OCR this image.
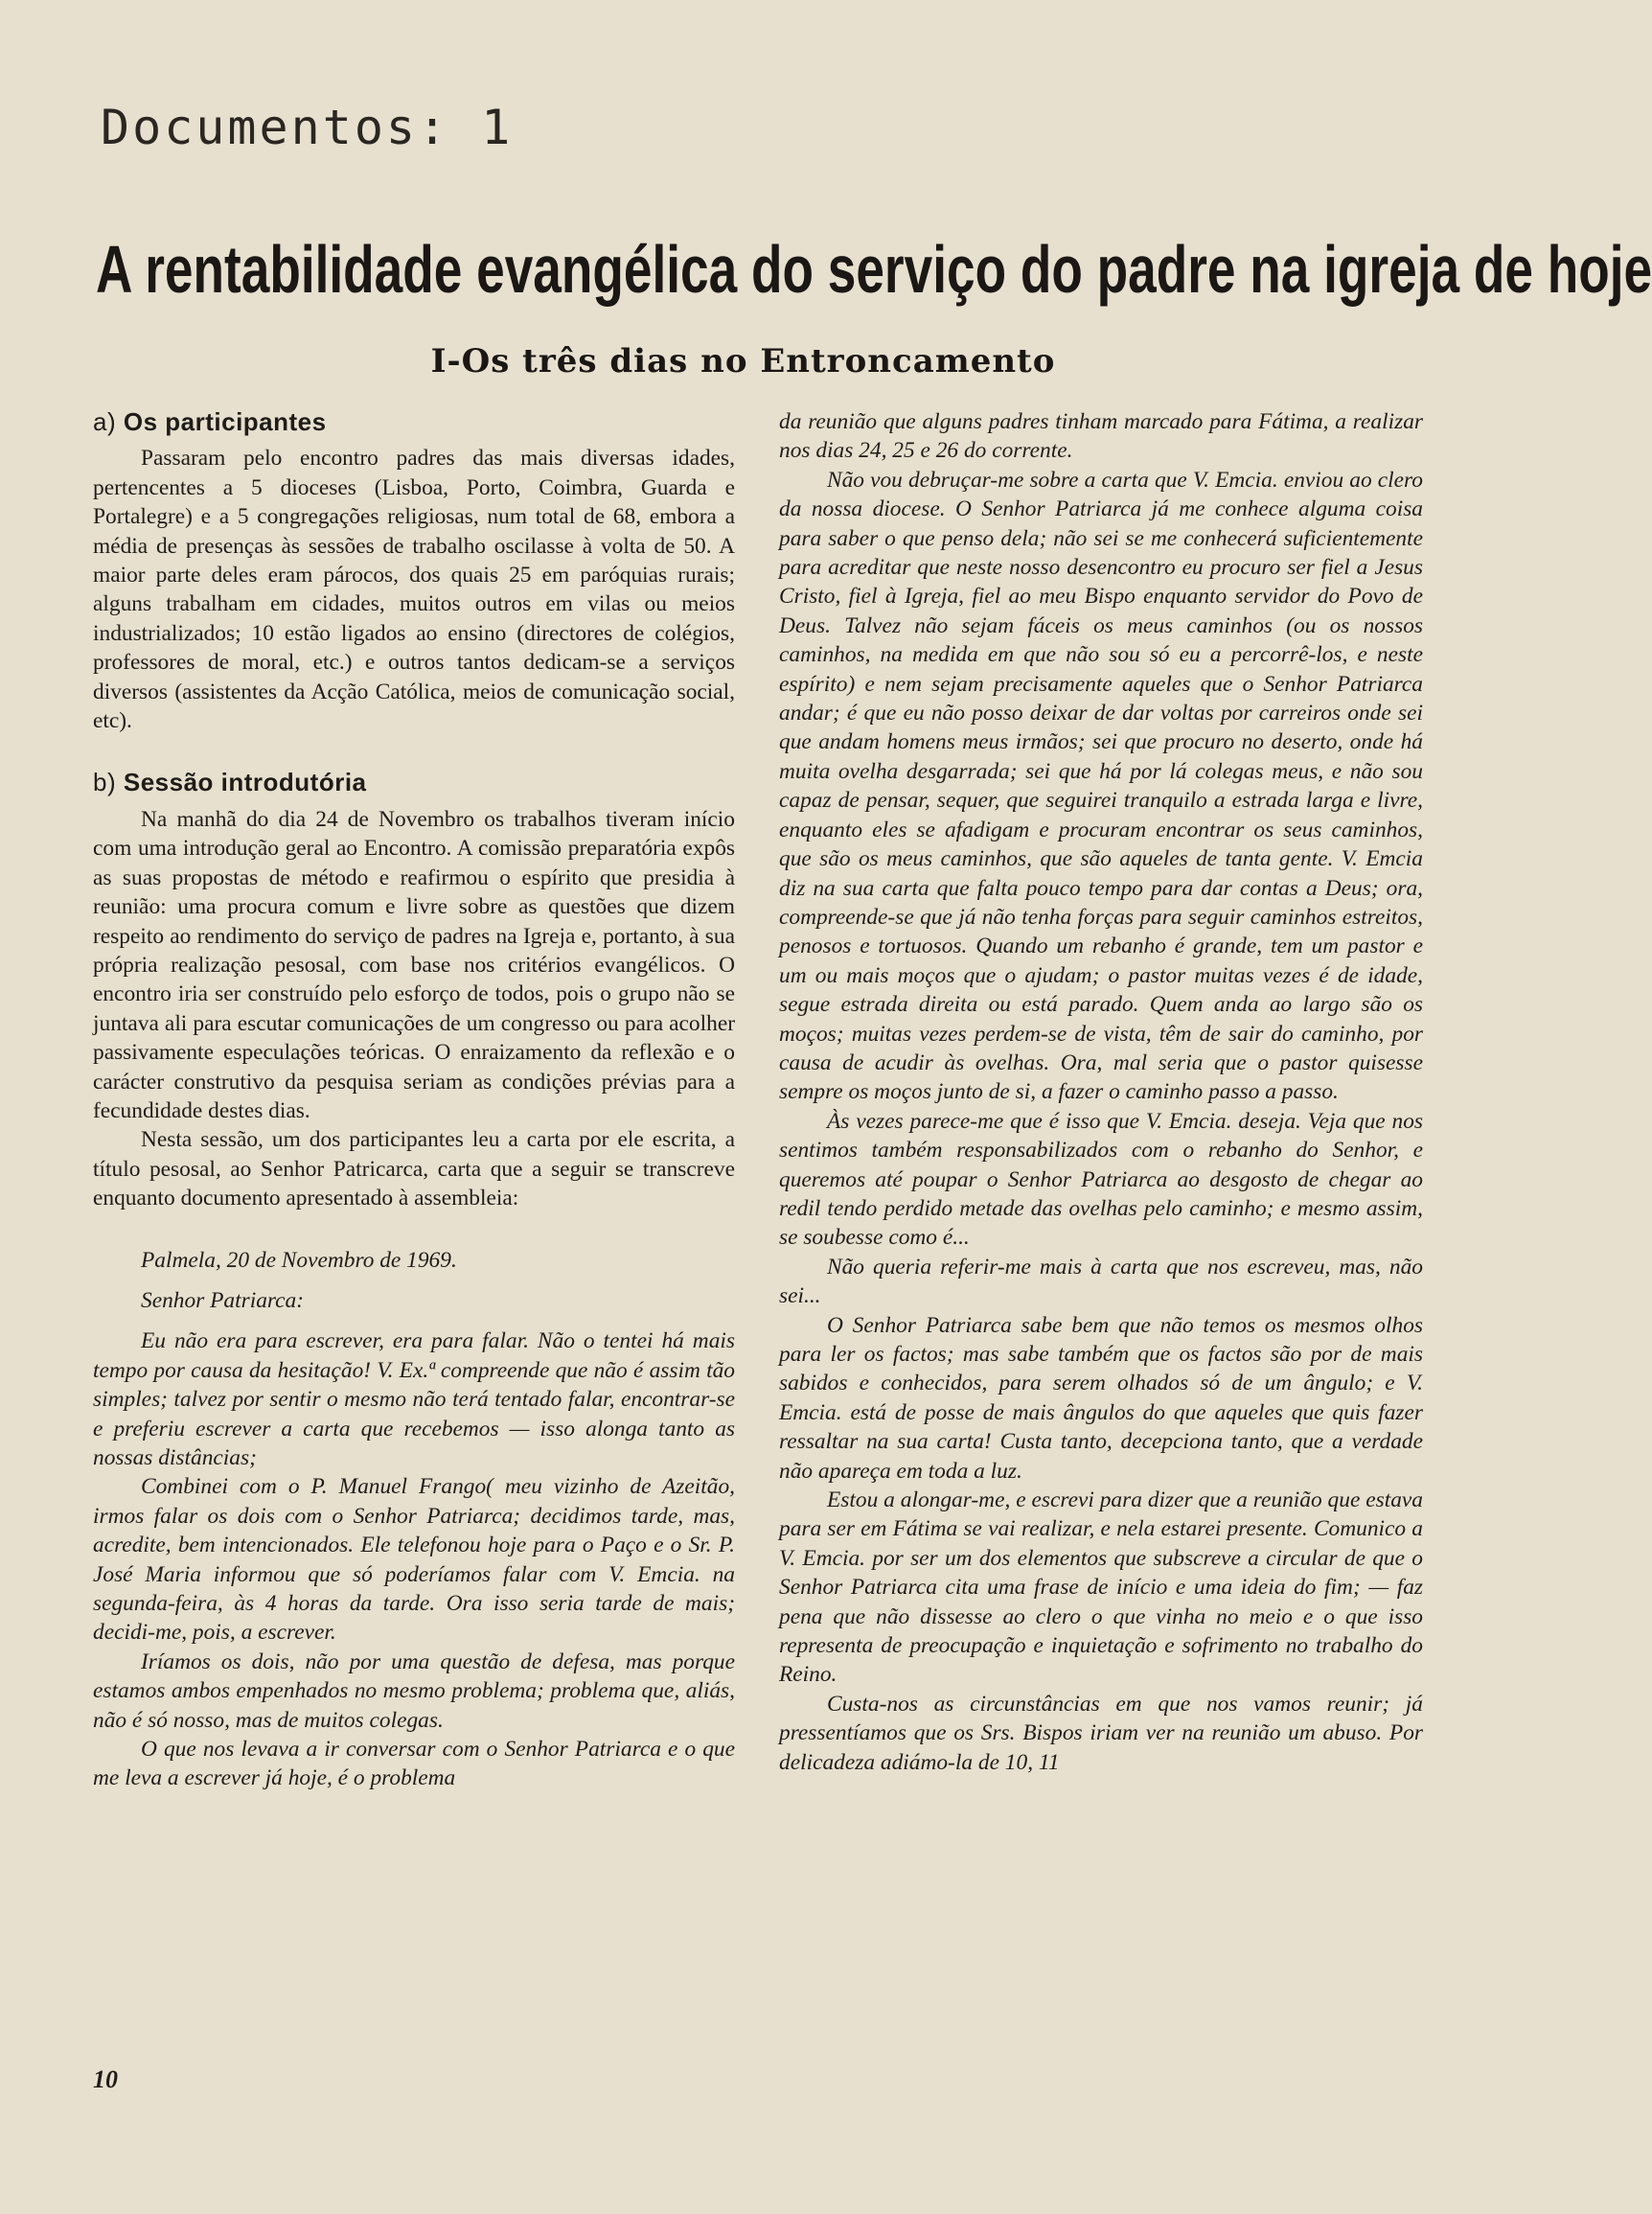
Documentos: 1
A rentabilidade evangélica do serviço do padre na igreja de hoje
I-Os três dias no Entroncamento
a) Os participantes

Passaram pelo encontro padres das mais diversas idades, pertencentes a 5 dioceses (Lisboa, Porto, Coimbra, Guarda e Portalegre) e a 5 congregações religiosas, num total de 68, embora a média de presenças às sessões de trabalho oscilasse à volta de 50. A maior parte deles eram párocos, dos quais 25 em paróquias rurais; alguns trabalham em cidades, muitos outros em vilas ou meios industrializados; 10 estão ligados ao ensino (directores de colégios, professores de moral, etc.) e outros tantos dedicam-se a serviços diversos (assistentes da Acção Católica, meios de comunicação social, etc).

b) Sessão introdutória

Na manhã do dia 24 de Novembro os trabalhos tiveram início com uma introdução geral ao Encontro. A comissão preparatória expôs as suas propostas de método e reafirmou o espírito que presidia à reunião: uma procura comum e livre sobre as questões que dizem respeito ao rendimento do serviço de padres na Igreja e, portanto, à sua própria realização pesosal, com base nos critérios evangélicos. O encontro iria ser construído pelo esforço de todos, pois o grupo não se juntava ali para escutar comunicações de um congresso ou para acolher passivamente especulações teóricas. O enraizamento da reflexão e o carácter construtivo da pesquisa seriam as condições prévias para a fecundidade destes dias.

Nesta sessão, um dos participantes leu a carta por ele escrita, a título pesosal, ao Senhor Patricarca, carta que a seguir se transcreve enquanto documento apresentado à assembleia:

Palmela, 20 de Novembro de 1969.

Senhor Patriarca:

Eu não era para escrever, era para falar. Não o tentei há mais tempo por causa da hesitação! V. Ex.ª compreende que não é assim tão simples; talvez por sentir o mesmo não terá tentado falar, encontrar-se e preferiu escrever a carta que recebemos — isso alonga tanto as nossas distâncias;

Combinei com o P. Manuel Frango( meu vizinho de Azeitão, irmos falar os dois com o Senhor Patriarca; decidimos tarde, mas, acredite, bem intencionados. Ele telefonou hoje para o Paço e o Sr. P. José Maria informou que só poderíamos falar com V. Emcia. na segunda-feira, às 4 horas da tarde. Ora isso seria tarde de mais; decidi-me, pois, a escrever.

Iríamos os dois, não por uma questão de defesa, mas porque estamos ambos empenhados no mesmo problema; problema que, aliás, não é só nosso, mas de muitos colegas.

O que nos levava a ir conversar com o Senhor Patriarca e o que me leva a escrever já hoje, é o problema

da reunião que alguns padres tinham marcado para Fátima, a realizar nos dias 24, 25 e 26 do corrente.

Não vou debruçar-me sobre a carta que V. Emcia. enviou ao clero da nossa diocese. O Senhor Patriarca já me conhece alguma coisa para saber o que penso dela; não sei se me conhecerá suficientemente para acreditar que neste nosso desencontro eu procuro ser fiel a Jesus Cristo, fiel à Igreja, fiel ao meu Bispo enquanto servidor do Povo de Deus. Talvez não sejam fáceis os meus caminhos (ou os nossos caminhos, na medida em que não sou só eu a percorrê-los, e neste espírito) e nem sejam precisamente aqueles que o Senhor Patriarca andar; é que eu não posso deixar de dar voltas por carreiros onde sei que andam homens meus irmãos; sei que procuro no deserto, onde há muita ovelha desgarrada; sei que há por lá colegas meus, e não sou capaz de pensar, sequer, que seguirei tranquilo a estrada larga e livre, enquanto eles se afadigam e procuram encontrar os seus caminhos, que são os meus caminhos, que são aqueles de tanta gente. V. Emcia diz na sua carta que falta pouco tempo para dar contas a Deus; ora, compreende-se que já não tenha forças para seguir caminhos estreitos, penosos e tortuosos. Quando um rebanho é grande, tem um pastor e um ou mais moços que o ajudam; o pastor muitas vezes é de idade, segue estrada direita ou está parado. Quem anda ao largo são os moços; muitas vezes perdem-se de vista, têm de sair do caminho, por causa de acudir às ovelhas. Ora, mal seria que o pastor quisesse sempre os moços junto de si, a fazer o caminho passo a passo.

Às vezes parece-me que é isso que V. Emcia. deseja. Veja que nos sentimos também responsabilizados com o rebanho do Senhor, e queremos até poupar o Senhor Patriarca ao desgosto de chegar ao redil tendo perdido metade das ovelhas pelo caminho; e mesmo assim, se soubesse como é...

Não queria referir-me mais à carta que nos escreveu, mas, não sei...

O Senhor Patriarca sabe bem que não temos os mesmos olhos para ler os factos; mas sabe também que os factos são por de mais sabidos e conhecidos, para serem olhados só de um ângulo; e V. Emcia. está de posse de mais ângulos do que aqueles que quis fazer ressaltar na sua carta! Custa tanto, decepciona tanto, que a verdade não apareça em toda a luz.

Estou a alongar-me, e escrevi para dizer que a reunião que estava para ser em Fátima se vai realizar, e nela estarei presente. Comunico a V. Emcia. por ser um dos elementos que subscreve a circular de que o Senhor Patriarca cita uma frase de início e uma ideia do fim; — faz pena que não dissesse ao clero o que vinha no meio e o que isso representa de preocupação e inquietação e sofrimento no trabalho do Reino.

Custa-nos as circunstâncias em que nos vamos reunir; já pressentíamos que os Srs. Bispos iriam ver na reunião um abuso. Por delicadeza adiámo-la de 10, 11

10
